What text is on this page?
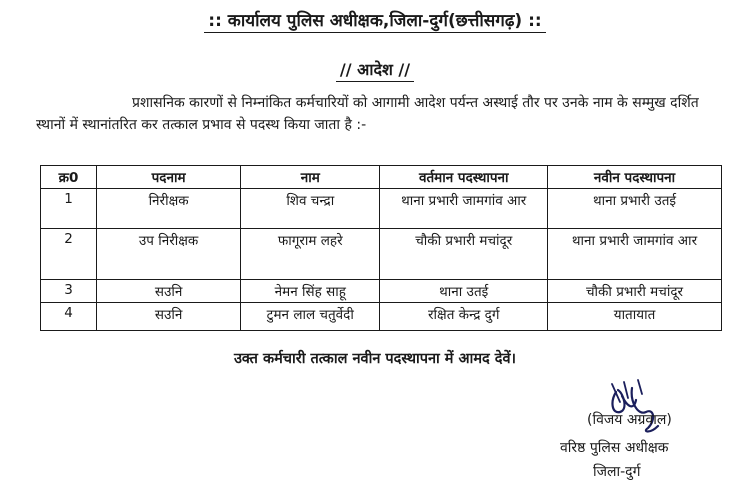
:: कार्यालय पुलिस अधीक्षक,जिला-दुर्ग(छत्तीसगढ़) ::
// आदेश //
प्रशासनिक कारणों से निम्नांकित कर्मचारियों को आगामी आदेश पर्यन्त अस्थाई तौर पर उनके नाम के सम्मुख दर्शित स्थानों में स्थानांतरित कर तत्काल प्रभाव से पदस्थ किया जाता है :-
क्र0	पदनाम	नाम	वर्तमान पदस्थापना	नवीन पदस्थापना
1	निरीक्षक	शिव चन्द्रा	थाना प्रभारी जामगांव आर	थाना प्रभारी उतई
2	उप निरीक्षक	फागूराम लहरे	चौकी प्रभारी मचांदूर	थाना प्रभारी जामगांव आर
3	सउनि	नेमन सिंह साहू	थाना उतई	चौकी प्रभारी मचांदूर
4	सउनि	टुमन लाल चतुर्वेदी	रक्षित केन्द्र दुर्ग	यातायात
उक्त कर्मचारी तत्काल नवीन पदस्थापना में आमद देवें।
(विजय अग्रवाल)
वरिष्ठ पुलिस अधीक्षक
जिला-दुर्ग
